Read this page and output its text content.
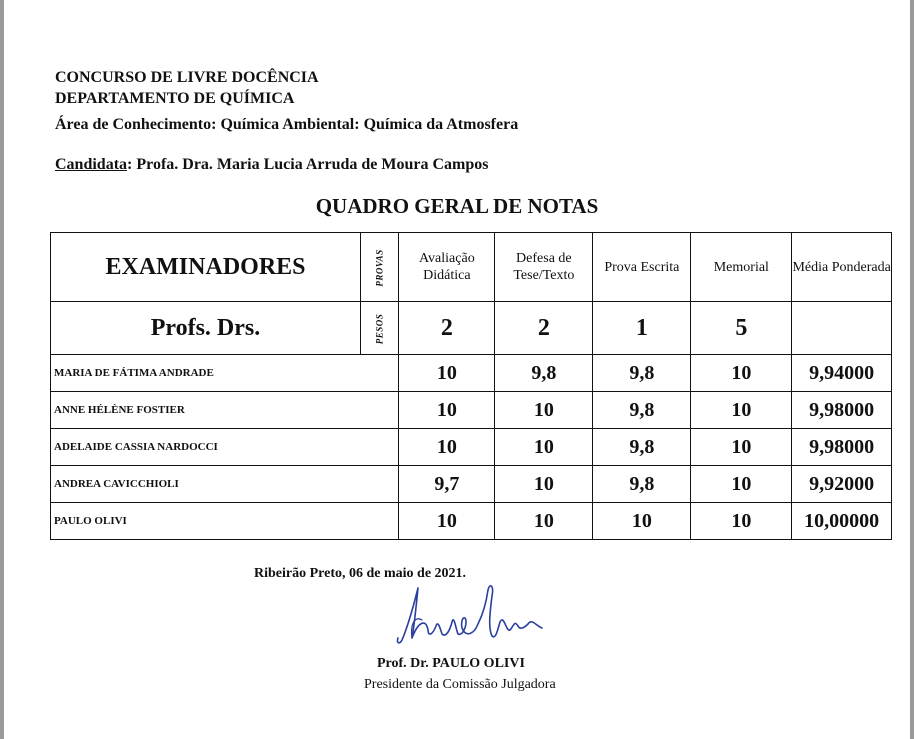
CONCURSO DE LIVRE DOCÊNCIA
DEPARTAMENTO DE QUÍMICA
Área de Conhecimento: Química Ambiental: Química da Atmosfera
Candidata: Profa. Dra. Maria Lucia Arruda de Moura Campos
QUADRO GERAL DE NOTAS
EXAMINADORES	PROVAS	Avaliação Didática	Defesa de Tese/Texto	Prova Escrita	Memorial	Média Ponderada
Profs. Drs.	PESOS	2	2	1	5	
MARIA DE FÁTIMA ANDRADE		10	9,8	9,8	10	9,94000
ANNE HÉLÈNE FOSTIER		10	10	9,8	10	9,98000
ADELAIDE CASSIA NARDOCCI		10	10	9,8	10	9,98000
ANDREA CAVICCHIOLI		9,7	10	9,8	10	9,92000
PAULO OLIVI		10	10	10	10	10,00000
Ribeirão Preto, 06 de maio de 2021.
Prof. Dr. PAULO OLIVI
Presidente da Comissão Julgadora
